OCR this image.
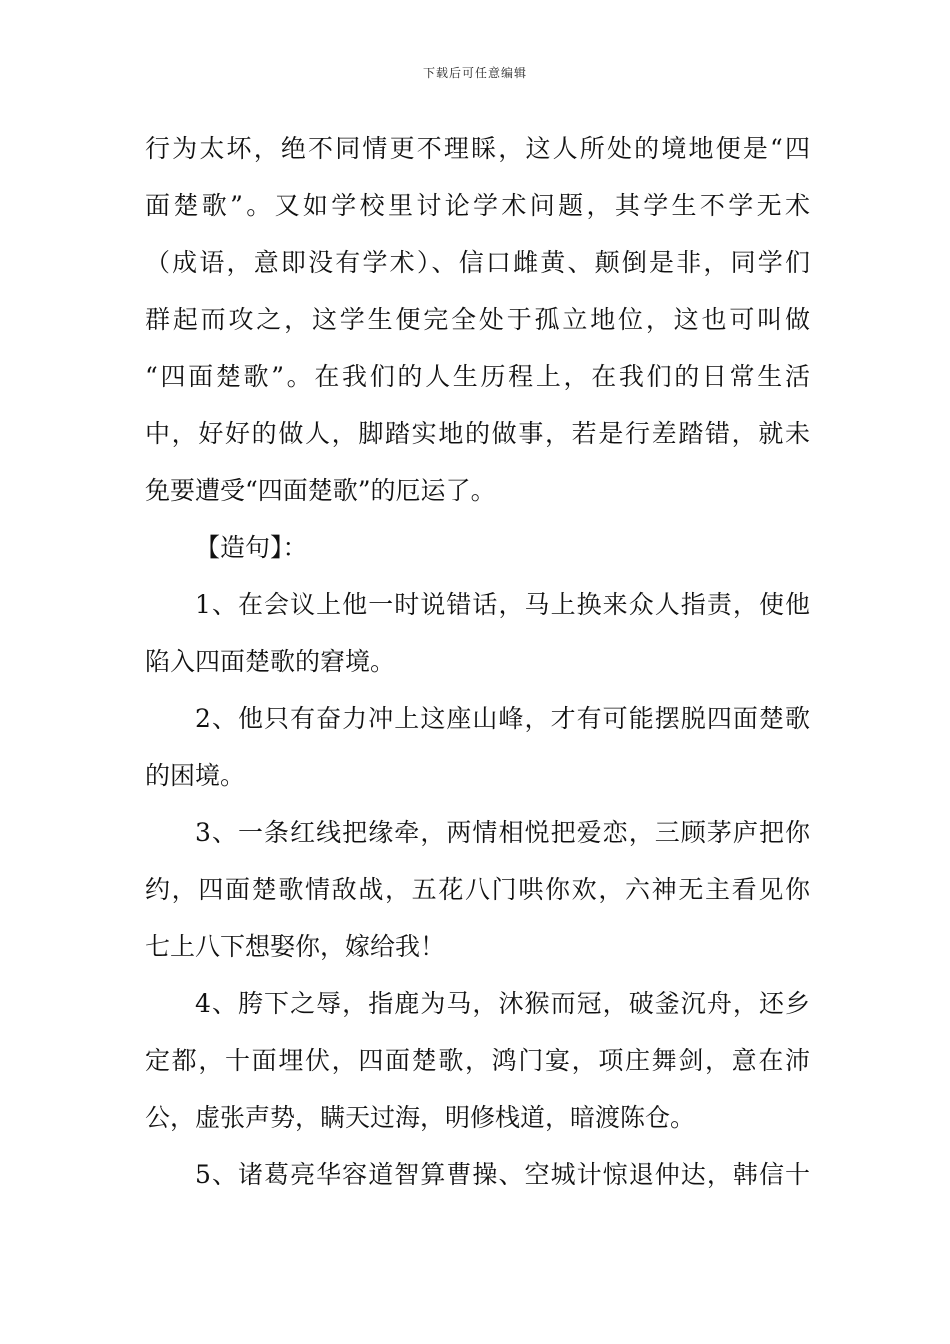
下载后可任意编辑
行为太坏，绝不同情更不理睬，这人所处的境地便是“四
面楚歌”。又如学校里讨论学术问题，其学生不学无术
（成语，意即没有学术）、信口雌黄、颠倒是非，同学们
群起而攻之，这学生便完全处于孤立地位，这也可叫做
“四面楚歌”。在我们的人生历程上，在我们的日常生活
中，好好的做人，脚踏实地的做事，若是行差踏错，就未
免要遭受“四面楚歌”的厄运了。
【造句】：
1、在会议上他一时说错话，马上换来众人指责，使他
陷入四面楚歌的窘境。
2、他只有奋力冲上这座山峰，才有可能摆脱四面楚歌
的困境。
3、一条红线把缘牵，两情相悦把爱恋，三顾茅庐把你
约，四面楚歌情敌战，五花八门哄你欢，六神无主看见你
七上八下想娶你，嫁给我！
4、胯下之辱，指鹿为马，沐猴而冠，破釜沉舟，还乡
定都，十面埋伏，四面楚歌，鸿门宴，项庄舞剑，意在沛
公，虚张声势，瞒天过海，明修栈道，暗渡陈仓。
5、诸葛亮华容道智算曹操、空城计惊退仲达，韩信十
